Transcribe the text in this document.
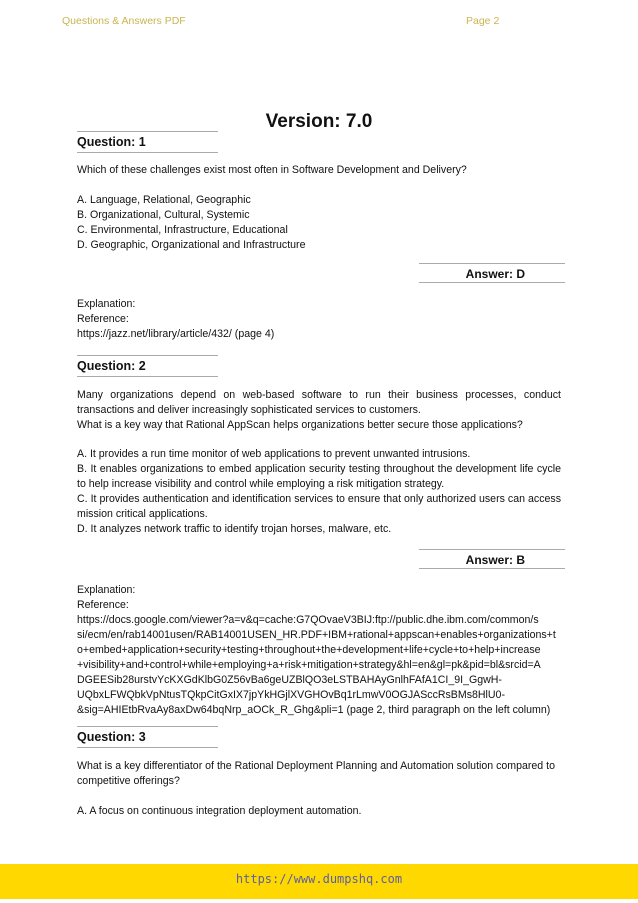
Questions & Answers PDF	Page 2
Version: 7.0
Question: 1

Which of these challenges exist most often in Software Development and Delivery?

A. Language, Relational, Geographic
B. Organizational, Cultural, Systemic
C. Environmental, Infrastructure, Educational
D. Geographic, Organizational and Infrastructure
Answer: D
Explanation:
Reference:
https://jazz.net/library/article/432/ (page 4)
Question: 2
Many organizations depend on web-based software to run their business processes, conduct transactions and deliver increasingly sophisticated services to customers.
What is a key way that Rational AppScan helps organizations better secure those applications?
A. It provides a run time monitor of web applications to prevent unwanted intrusions.
B. It enables organizations to embed application security testing throughout the development life cycle to help increase visibility and control while employing a risk mitigation strategy.
C. It provides authentication and identification services to ensure that only authorized users can access mission critical applications.
D. It analyzes network traffic to identify trojan horses, malware, etc.
Answer: B
Explanation:
Reference:
https://docs.google.com/viewer?a=v&q=cache:G7QOvaeV3BIJ:ftp://public.dhe.ibm.com/common/s
si/ecm/en/rab14001usen/RAB14001USEN_HR.PDF+IBM+rational+appscan+enables+organizations+t
o+embed+application+security+testing+throughout+the+development+life+cycle+to+help+increase
+visibility+and+control+while+employing+a+risk+mitigation+strategy&hl=en&gl=pk&pid=bl&srcid=A
DGEESib28urstvYcKXGdKlbG0Z56vBa6geUZBlQO3eLSTBAHAyGnlhFAfA1CI_9I_GgwH-
UQbxLFWQbkVpNtusTQkpCitGxIX7jpYkHGjlXVGHOvBq1rLmwV0OGJAScсRsBMs8HlU0-
&sig=AHIEtbRvaAy8axDw64bqNrp_aOCk_R_Ghg&pli=1 (page 2, third paragraph on the left column)
Question: 3

What is a key differentiator of the Rational Deployment Planning and Automation solution compared to competitive offerings?

A. A focus on continuous integration deployment automation.
https://www.dumpshq.com
